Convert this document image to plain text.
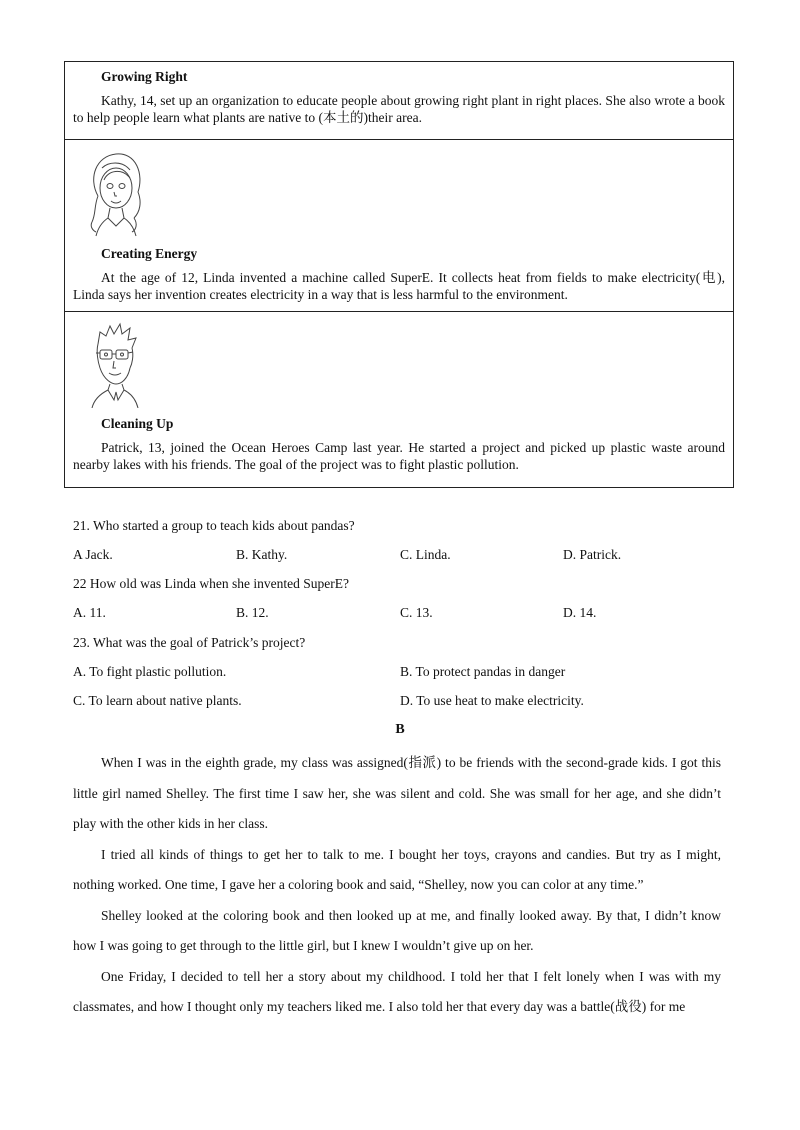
Growing Right
Kathy, 14, set up an organization to educate people about growing right plant in right places. She also wrote a book to help people learn what plants are native to (本土的)their area.
Creating Energy
At the age of 12, Linda invented a machine called SuperE. It collects heat from fields to make electricity(电), Linda says her invention creates electricity in a way that is less harmful to the environment.
Cleaning Up
Patrick, 13, joined the Ocean Heroes Camp last year. He started a project and picked up plastic waste around nearby lakes with his friends. The goal of the project was to fight plastic pollution.
21. Who started a group to teach kids about pandas?
A Jack.	B. Kathy.	C. Linda.	D. Patrick.
22 How old was Linda when she invented SuperE?
A. 11.	B. 12.	C. 13.	D. 14.
23. What was the goal of Patrick’s project?
A. To fight plastic pollution.	B. To protect pandas in danger
C. To learn about native plants.	D. To use heat to make electricity.
B

When I was in the eighth grade, my class was assigned(指派) to be friends with the second-grade kids. I got this little girl named Shelley. The first time I saw her, she was silent and cold. She was small for her age, and she didn’t play with the other kids in her class.

I tried all kinds of things to get her to talk to me. I bought her toys, crayons and candies. But try as I might, nothing worked. One time, I gave her a coloring book and said, “Shelley, now you can color at any time.”

Shelley looked at the coloring book and then looked up at me, and finally looked away. By that, I didn’t know how I was going to get through to the little girl, but I knew I wouldn’t give up on her.

One Friday, I decided to tell her a story about my childhood. I told her that I felt lonely when I was with my classmates, and how I thought only my teachers liked me. I also told her that every day was a battle(战役) for me
